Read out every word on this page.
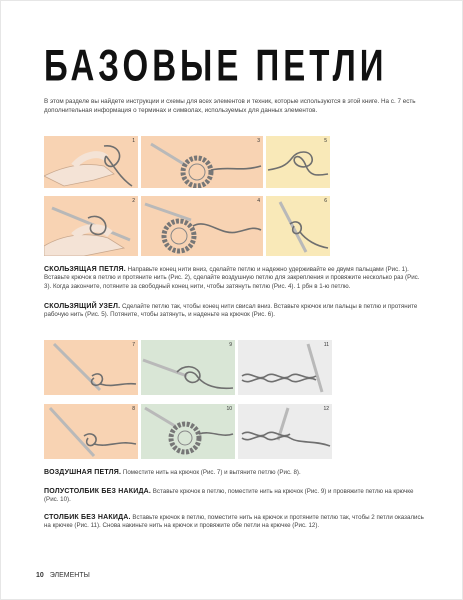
БАЗОВЫЕ ПЕТЛИ
В этом разделе вы найдете инструкции и схемы для всех элементов и техник, которые используются в этой книге. На с. 7 есть дополнительная информация о терминах и символах, используемых для данных элементов.
1	3	5
2	4	6
СКОЛЬЗЯЩАЯ ПЕТЛЯ. Направьте конец нити вниз, сделайте петлю и надежно удерживайте ее двумя пальцами (Рис. 1). Вставьте крючок в петлю и протяните нить (Рис. 2), сделайте воздушную петлю для закрепления и провяжите несколько раз (Рис. 3). Когда закончите, потяните за свободный конец нити, чтобы затянуть петлю (Рис. 4). 1 рбн в 1-ю петлю.
СКОЛЬЗЯЩИЙ УЗЕЛ. Сделайте петлю так, чтобы конец нити свисал вниз. Вставьте крючок или пальцы в петлю и протяните рабочую нить (Рис. 5). Потяните, чтобы затянуть, и наденьте на крючок (Рис. 6).
7	9	11
8	10	12
ВОЗДУШНАЯ ПЕТЛЯ. Поместите нить на крючок (Рис. 7) и вытяните петлю (Рис. 8).
ПОЛУСТОЛБИК БЕЗ НАКИДА. Вставьте крючок в петлю, поместите нить на крючок (Рис. 9) и провяжите петлю на крючке (Рис. 10).
СТОЛБИК БЕЗ НАКИДА. Вставьте крючок в петлю, поместите нить на крючок и протяните петлю так, чтобы 2 петли оказались на крючке (Рис. 11). Снова накиньте нить на крючок и провяжите обе петли на крючке (Рис. 12).
10 ЭЛЕМЕНТЫ
